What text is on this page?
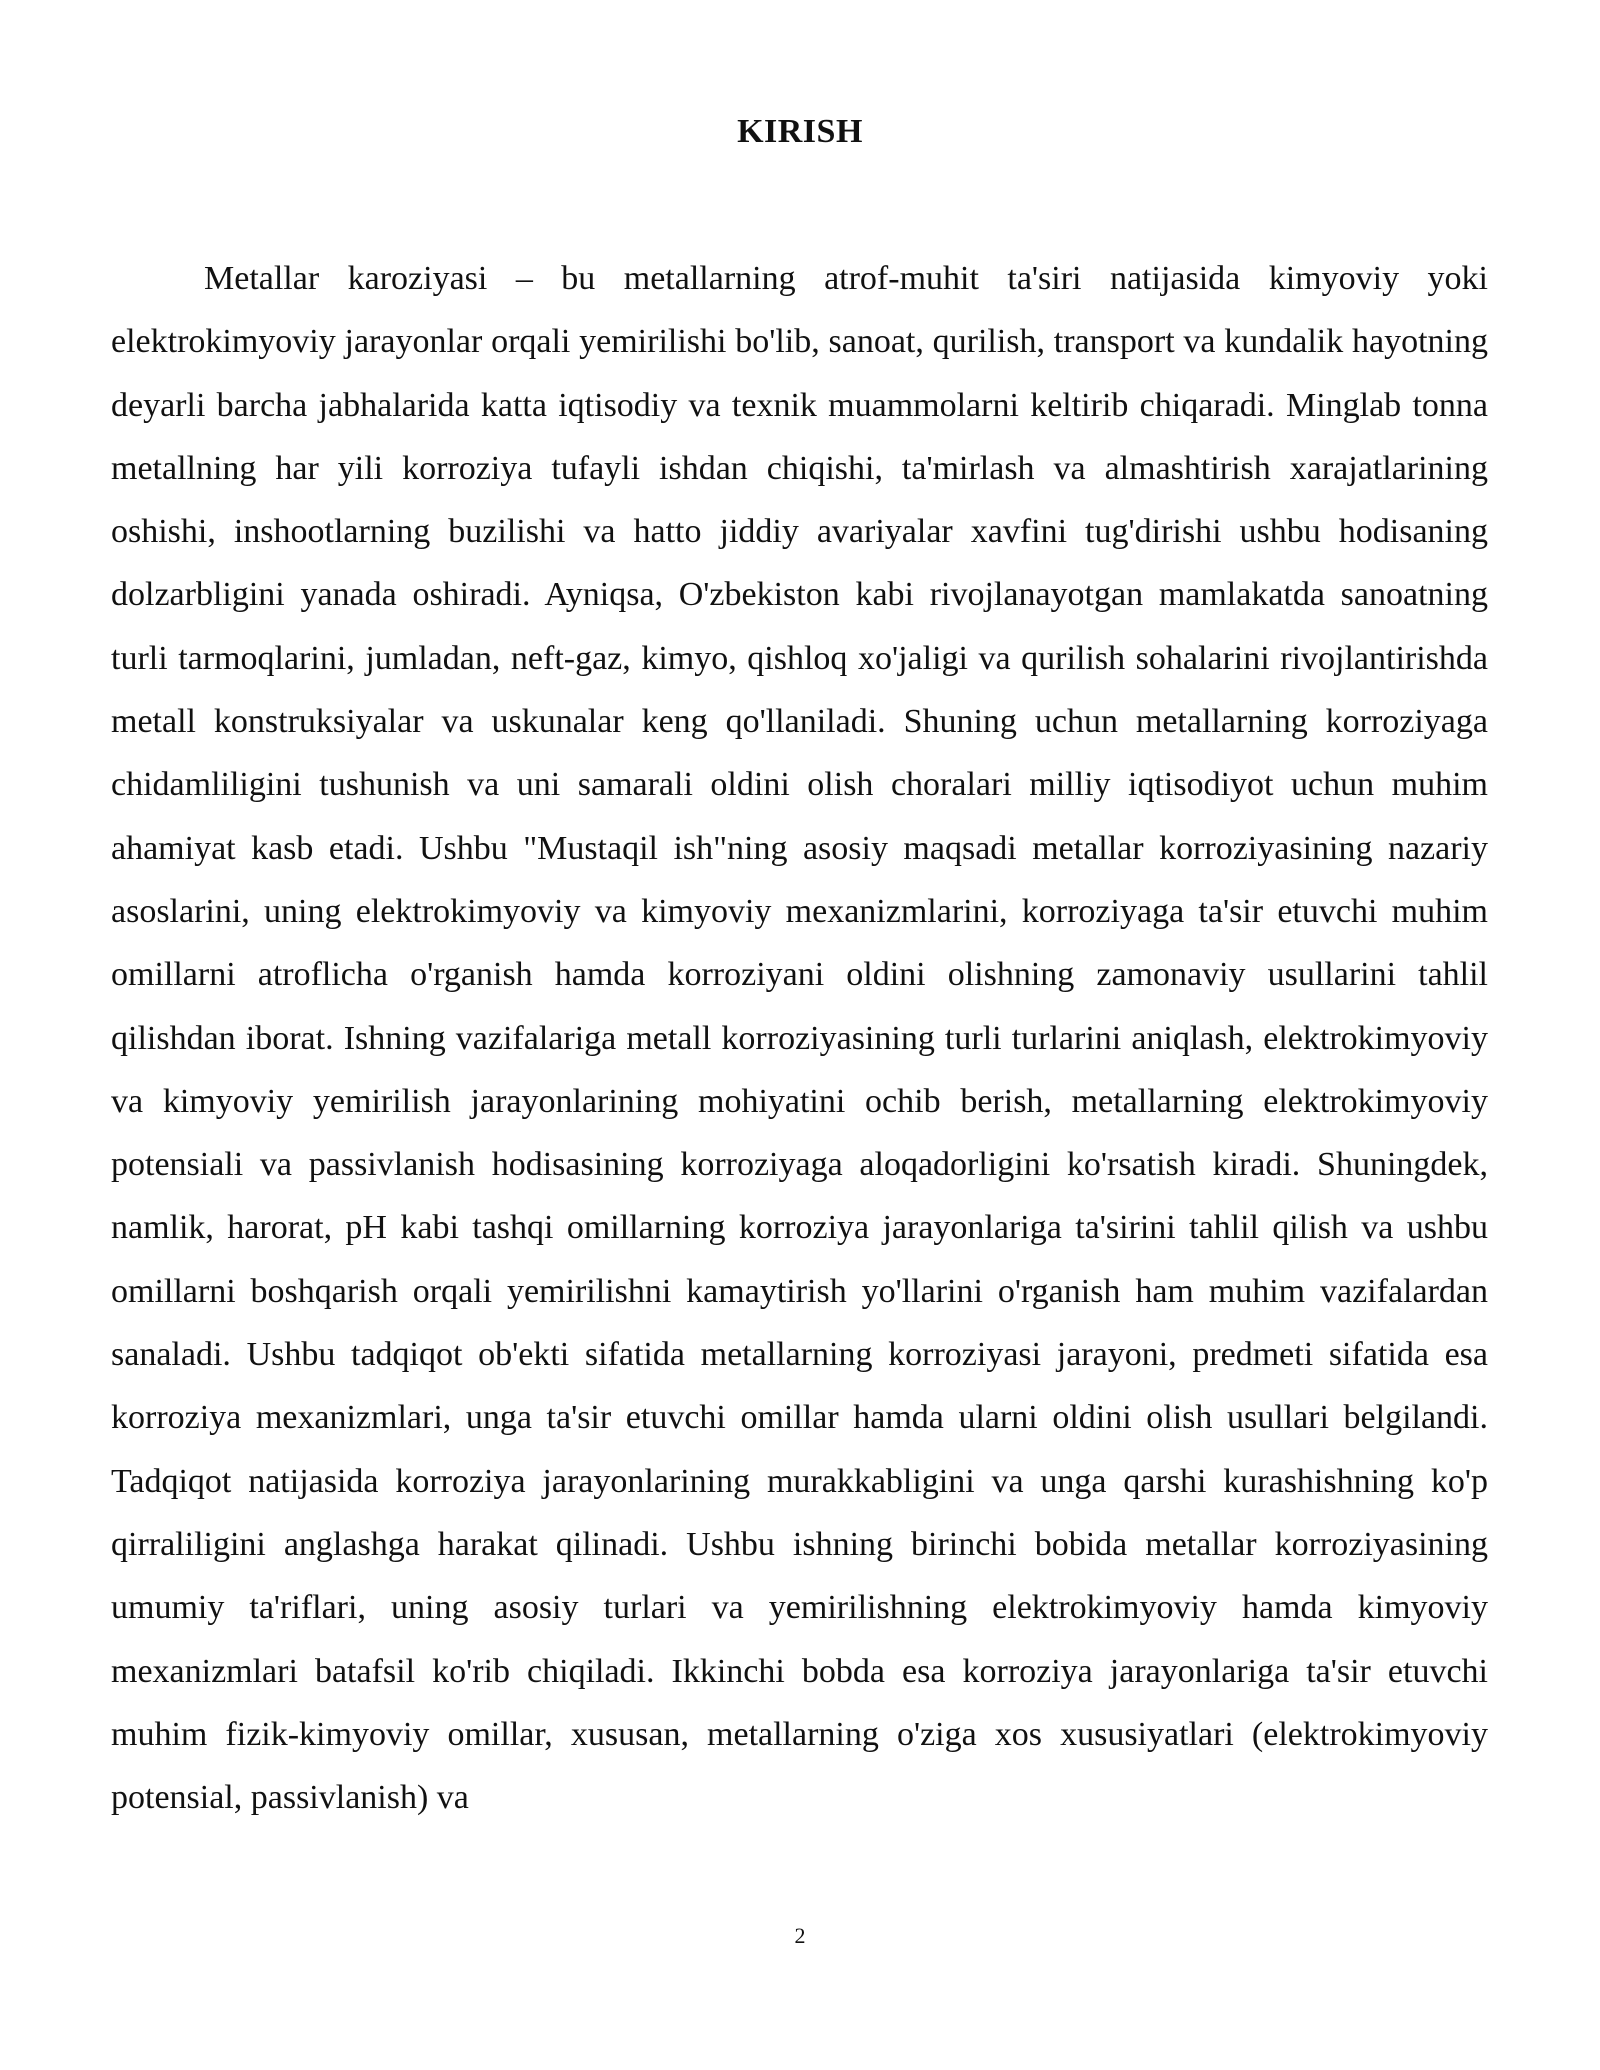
KIRISH

Metallar karoziyasi – bu metallarning atrof-muhit ta'siri natijasida kimyoviy yoki elektrokimyoviy jarayonlar orqali yemirilishi bo'lib, sanoat, qurilish, transport va kundalik hayotning deyarli barcha jabhalarida katta iqtisodiy va texnik muammolarni keltirib chiqaradi. Minglab tonna metallning har yili korroziya tufayli ishdan chiqishi, ta'mirlash va almashtirish xarajatlarining oshishi, inshootlarning buzilishi va hatto jiddiy avariyalar xavfini tug'dirishi ushbu hodisaning dolzarbligini yanada oshiradi. Ayniqsa, O'zbekiston kabi rivojlanayotgan mamlakatda sanoatning turli tarmoqlarini, jumladan, neft-gaz, kimyo, qishloq xo'jaligi va qurilish sohalarini rivojlantirishda metall konstruksiyalar va uskunalar keng qo'llaniladi. Shuning uchun metallarning korroziyaga chidamliligini tushunish va uni samarali oldini olish choralari milliy iqtisodiyot uchun muhim ahamiyat kasb etadi. Ushbu "Mustaqil ish"ning asosiy maqsadi metallar korroziyasining nazariy asoslarini, uning elektrokimyoviy va kimyoviy mexanizmlarini, korroziyaga ta'sir etuvchi muhim omillarni atroflicha o'rganish hamda korroziyani oldini olishning zamonaviy usullarini tahlil qilishdan iborat. Ishning vazifalariga metall korroziyasining turli turlarini aniqlash, elektrokimyoviy va kimyoviy yemirilish jarayonlarining mohiyatini ochib berish, metallarning elektrokimyoviy potensiali va passivlanish hodisasining korroziyaga aloqadorligini ko'rsatish kiradi. Shuningdek, namlik, harorat, pH kabi tashqi omillarning korroziya jarayonlariga ta'sirini tahlil qilish va ushbu omillarni boshqarish orqali yemirilishni kamaytirish yo'llarini o'rganish ham muhim vazifalardan sanaladi. Ushbu tadqiqot ob'ekti sifatida metallarning korroziyasi jarayoni, predmeti sifatida esa korroziya mexanizmlari, unga ta'sir etuvchi omillar hamda ularni oldini olish usullari belgilandi. Tadqiqot natijasida korroziya jarayonlarining murakkabligini va unga qarshi kurashishning ko'p qirraliligini anglashga harakat qilinadi. Ushbu ishning birinchi bobida metallar korroziyasining umumiy ta'riflari, uning asosiy turlari va yemirilishning elektrokimyoviy hamda kimyoviy mexanizmlari batafsil ko'rib chiqiladi. Ikkinchi bobda esa korroziya jarayonlariga ta'sir etuvchi muhim fizik-kimyoviy omillar, xususan, metallarning o'ziga xos xususiyatlari (elektrokimyoviy potensial, passivlanish) va

2
